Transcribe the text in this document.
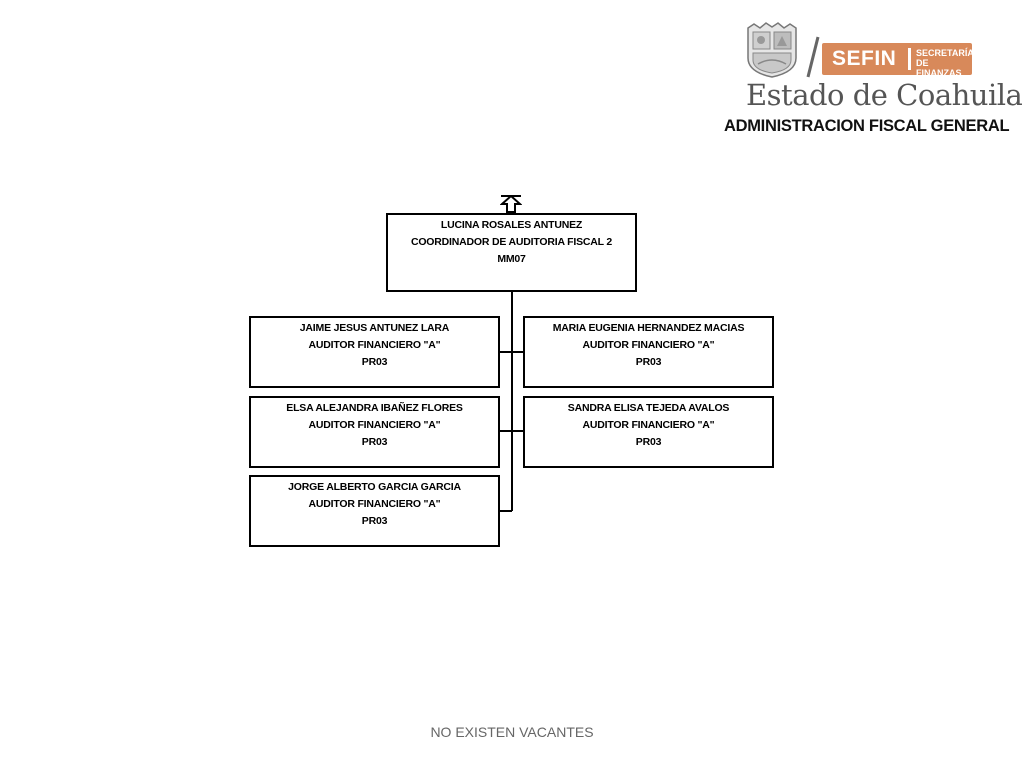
SEFIN SECRETARÍA
DE FINANZAS
Estado de Coahuila
ADMINISTRACION FISCAL GENERAL
LUCINA ROSALES ANTUNEZ
COORDINADOR DE AUDITORIA FISCAL 2
MM07
JAIME JESUS ANTUNEZ LARA
AUDITOR FINANCIERO "A"
PR03
MARIA EUGENIA HERNANDEZ MACIAS
AUDITOR FINANCIERO "A"
PR03
ELSA ALEJANDRA IBAÑEZ FLORES
AUDITOR FINANCIERO "A"
PR03
SANDRA ELISA TEJEDA AVALOS
AUDITOR FINANCIERO "A"
PR03
JORGE ALBERTO GARCIA GARCIA
AUDITOR FINANCIERO "A"
PR03
NO EXISTEN VACANTES
